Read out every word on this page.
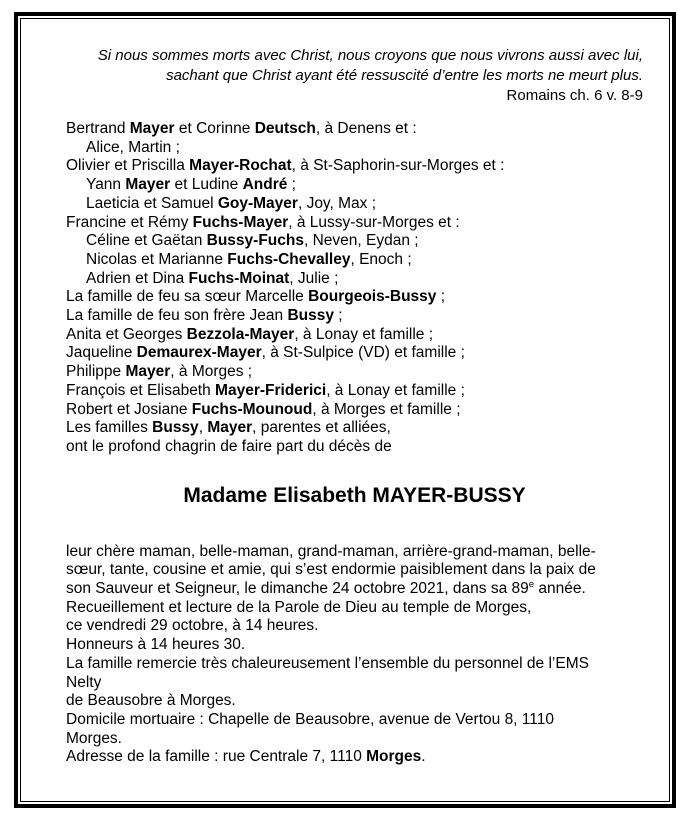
Si nous sommes morts avec Christ, nous croyons que nous vivrons aussi avec lui,
sachant que Christ ayant été ressuscité d’entre les morts ne meurt plus.
Romains ch. 6 v. 8-9
Bertrand Mayer et Corinne Deutsch, à Denens et :
Alice, Martin ;
Olivier et Priscilla Mayer-Rochat, à St-Saphorin-sur-Morges et :
Yann Mayer et Ludine André ;
Laeticia et Samuel Goy-Mayer, Joy, Max ;
Francine et Rémy Fuchs-Mayer, à Lussy-sur-Morges et :
Céline et Gaëtan Bussy-Fuchs, Neven, Eydan ;
Nicolas et Marianne Fuchs-Chevalley, Enoch ;
Adrien et Dina Fuchs-Moinat, Julie ;
La famille de feu sa sœur Marcelle Bourgeois-Bussy ;
La famille de feu son frère Jean Bussy ;
Anita et Georges Bezzola-Mayer, à Lonay et famille ;
Jaqueline Demaurex-Mayer, à St-Sulpice (VD) et famille ;
Philippe Mayer, à Morges ;
François et Elisabeth Mayer-Friderici, à Lonay et famille ;
Robert et Josiane Fuchs-Mounoud, à Morges et famille ;
Les familles Bussy, Mayer, parentes et alliées,
ont le profond chagrin de faire part du décès de
Madame Elisabeth MAYER-BUSSY
leur chère maman, belle-maman, grand-maman, arrière-grand-maman, belle-
sœur, tante, cousine et amie, qui s’est endormie paisiblement dans la paix de
son Sauveur et Seigneur, le dimanche 24 octobre 2021, dans sa 89e année.
Recueillement et lecture de la Parole de Dieu au temple de Morges,
ce vendredi 29 octobre, à 14 heures.
Honneurs à 14 heures 30.
La famille remercie très chaleureusement l’ensemble du personnel de l’EMS
Nelty
de Beausobre à Morges.
Domicile mortuaire : Chapelle de Beausobre, avenue de Vertou 8, 1110
Morges.
Adresse de la famille : rue Centrale 7, 1110 Morges.
